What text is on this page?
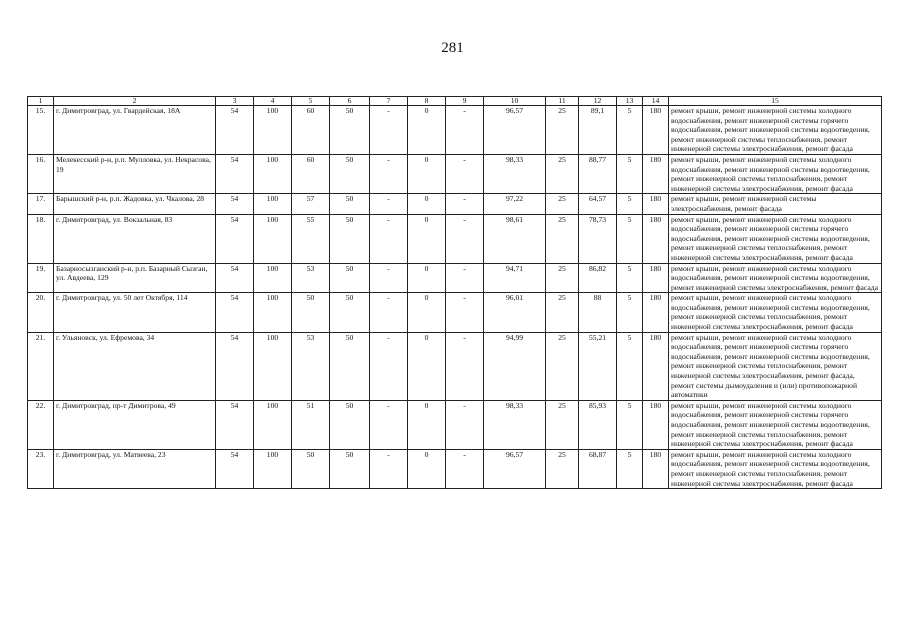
281
1	2	3	4	5	6	7	8	9	10	11	12	13	14	15
15.	г. Димитровград, ул. Гвардейская, 18А	54	100	60	50	-	0	-	96,57	25	89,1	5	180	ремонт крыши, ремонт инженерной системы холодного водоснабжения, ремонт инженерной системы горячего водоснабжения, ремонт инженерной системы водоотведения, ремонт инженерной системы теплоснабжения, ремонт инженерной системы электроснабжения, ремонт фасада
16.	Мелекесский р-н, р.п. Мулловка, ул. Некрасова, 19	54	100	60	50	-	0	-	98,33	25	88,77	5	180	ремонт крыши, ремонт инженерной системы холодного водоснабжения, ремонт инженерной системы водоотведения, ремонт инженерной системы теплоснабжения, ремонт инженерной системы электроснабжения, ремонт фасада
17.	Барышский р-н, р.п. Жадовка, ул. Чкалова, 28	54	100	57	50	-	0	-	97,22	25	64,57	5	180	ремонт крыши, ремонт инженерной системы электроснабжения, ремонт фасада
18.	г. Димитровград, ул. Вокзальная, 83	54	100	55	50	-	0	-	98,61	25	78,73	5	180	ремонт крыши, ремонт инженерной системы холодного водоснабжения, ремонт инженерной системы горячего водоснабжения, ремонт инженерной системы водоотведения, ремонт инженерной системы теплоснабжения, ремонт инженерной системы электроснабжения, ремонт фасада
19.	Базарносызганский р-н, р.п. Базарный Сызган, ул. Авдеева, 129	54	100	53	50	-	0	-	94,71	25	86,82	5	180	ремонт крыши, ремонт инженерной системы холодного водоснабжения, ремонт инженерной системы водоотведения, ремонт инженерной системы электроснабжения, ремонт фасада
20.	г. Димитровград, ул. 50 лет Октября, 114	54	100	50	50	-	0	-	96,01	25	88	5	180	ремонт крыши, ремонт инженерной системы холодного водоснабжения, ремонт инженерной системы водоотведения, ремонт инженерной системы теплоснабжения, ремонт инженерной системы электроснабжения, ремонт фасада
21.	г. Ульяновск, ул. Ефремова, 34	54	100	53	50	-	0	-	94,99	25	55,21	5	180	ремонт крыши, ремонт инженерной системы холодного водоснабжения, ремонт инженерной системы горячего водоснабжения, ремонт инженерной системы водоотведения, ремонт инженерной системы теплоснабжения, ремонт инженерной системы электроснабжения, ремонт фасада, ремонт системы дымоудаления и (или) противопожарной автоматики
22.	г. Димитровград, пр-т Димитрова, 49	54	100	51	50	-	0	-	98,33	25	85,93	5	180	ремонт крыши, ремонт инженерной системы холодного водоснабжения, ремонт инженерной системы горячего водоснабжения, ремонт инженерной системы водоотведения, ремонт инженерной системы теплоснабжения, ремонт инженерной системы электроснабжения, ремонт фасада
23.	г. Димитровград, ул. Матвеева, 23	54	100	50	50	-	0	-	96,57	25	68,87	5	180	ремонт крыши, ремонт инженерной системы холодного водоснабжения, ремонт инженерной системы водоотведения, ремонт инженерной системы теплоснабжения, ремонт инженерной системы электроснабжения, ремонт фасада
